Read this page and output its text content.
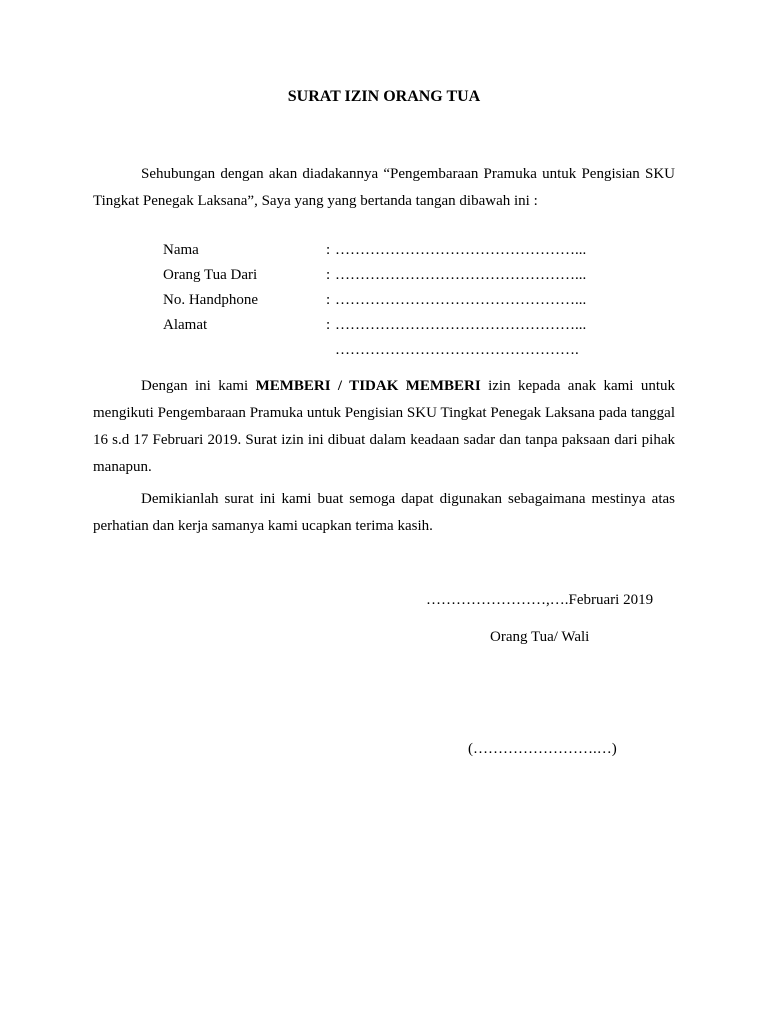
SURAT IZIN ORANG TUA

Sehubungan dengan akan diadakannya “Pengembaraan Pramuka untuk Pengisian SKU Tingkat Penegak Laksana”, Saya yang yang bertanda tangan dibawah ini :

Nama	: …………………………………………...
Orang Tua Dari	: …………………………………………...
No. Handphone	: …………………………………………...
Alamat	: …………………………………………...
………………………………………….

Dengan ini kami MEMBERI / TIDAK MEMBERI izin kepada anak kami untuk mengikuti Pengembaraan Pramuka untuk Pengisian SKU Tingkat Penegak Laksana pada tanggal 16 s.d 17 Februari 2019. Surat izin ini dibuat dalam keadaan sadar dan tanpa paksaan dari pihak manapun.

Demikianlah surat ini kami buat semoga dapat digunakan sebagaimana mestinya atas perhatian dan kerja samanya kami ucapkan terima kasih.

……………………,….Februari 2019
Orang Tua/ Wali
(…………………….…)
